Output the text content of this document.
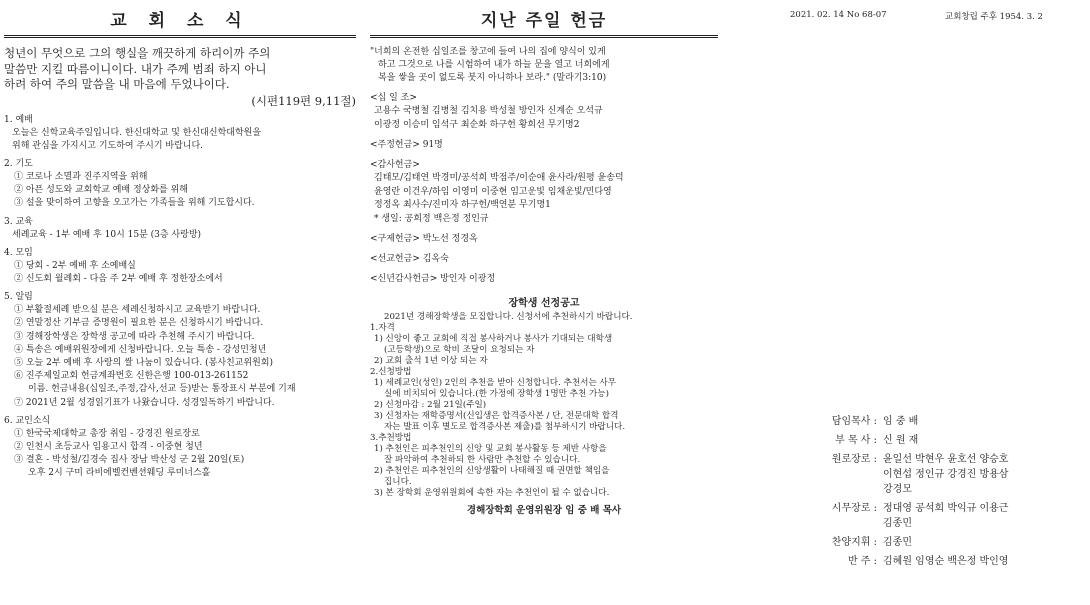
교 회 소 식
청년이 무엇으로 그의 행실을 깨끗하게 하리이까 주의
말씀만 지킬 따름이니이다. 내가 주께 범죄 하지 아니
하려 하여 주의 말씀을 내 마음에 두었나이다.
(시편119편 9,11절)
1. 예배
오늘은 신학교육주일입니다. 한신대학교 및 한신대신학대학원을
위해 관심을 가지시고 기도하여 주시기 바랍니다.
2. 기도
① 코로나 소멸과 진주지역을 위해
② 아픈 성도와 교회학교 예배 정상화를 위해
③ 설을 맞이하여 고향을 오고가는 가족들을 위해 기도합시다.
3. 교육
세례교육 - 1부 예배 후 10시 15분 (3층 사랑방)
4. 모임
① 당회 - 2부 예배 후 소예배실
② 신도회 월례회 - 다음 주 2부 예배 후 정한장소에서
5. 알림
① 부활절세례 받으실 분은 세례신청하시고 교육받기 바랍니다.
② 연말정산 기부금 증명원이 필요한 분은 신청하시기 바랍니다.
③ 경해장학생은 장학생 공고에 따라 추천해 주시기 바랍니다.
④ 특송은 예배위원장에게 신청바랍니다. 오늘 특송 - 강성민청년
⑤ 오늘 2부 예배 후 사랑의 쌀 나눔이 있습니다. (봉사친교위원회)
⑥ 진주제일교회 헌금계좌번호 신한은행 100-013-261152
이름. 헌금내용(십일조,주정,감사,선교 등)받는 통장표시 부분에 기재
⑦ 2021년 2월 성경읽기표가 나왔습니다. 성경일독하기 바랍니다.
6. 교인소식
① 한국국제대학교 총장 취임 - 강경진 원로장로
② 인천시 초등교사 임용고시 합격 - 이중현 청년
③ 결혼 - 박성철/김경숙 집사 장남 박산성 군 2월 20일(토)
오후 2시 구미 라비에벨컨벤션웨딩 루미너스홀
지난 주일 헌금
"너희의 온전한 십일조를 창고에 들여 나의 집에 양식이 있게
하고 그것으로 나를 시험하여 내가 하늘 문을 열고 너희에게
복을 쌓을 곳이 없도록 붓지 아니하나 보라." (말라기3:10)
<십 일 조>
고용수 국병철 김병철 김치용 박성철 방인자 신계순 오석규
이광정 이승미 임석구 최순화 하구헌 황희선 무기명2
<주정헌금> 91명
<감사헌금>
김태모/김태연 박경미/공석희 박점주/이순애 윤사라/원평 윤송덕
윤영란 이건우/하임 이영미 이중현 임고운빛 임채운빛/민다영
정정옥 최사수/진미자 하구헌/백연분 무기명1
* 생일: 공희정 백은정 정인규
<구제헌금> 박노선 정경옥
<선교헌금> 김옥숙
<신년감사헌금> 방인자 이광정
장학생 선정공고
2021년 경해장학생을 모집합니다. 신청서에 추천하시기 바랍니다.
1.자격
1) 신앙이 좋고 교회에 직접 봉사하거나 봉사가 기대되는 대학생
(고등학생)으로 학비 조달이 요청되는 자
2) 교회 출석 1년 이상 되는 자
2.신청방법
1) 세례교인(성인) 2인의 추천을 받아 신청합니다. 추천서는 사무
실에 비치되어 있습니다.(한 가정에 장학생 1명만 추천 가능)
2) 신청마감 : 2월 21일(주일)
3) 신청자는 재학증명서(신입생은 합격증사본 / 단, 전문대학 합격
자는 발표 이후 별도로 합격증사본 제출)를 첨부하시기 바랍니다.
3.추천방법
1) 추천인은 피추천인의 신앙 및 교회 봉사활동 등 제반 사항을
잘 파악하여 추천하되 한 사람만 추천할 수 있습니다.
2) 추천인은 피추천인의 신앙생활이 나태해질 때 권면할 책임을
집니다.
3) 본 장학회 운영위원회에 속한 자는 추천인이 될 수 없습니다.
경해장학회 운영위원장 임 중 배 목사
2021. 02. 14 No 68-07	교회창립 주후 1954. 3. 2
담임목사 : 임 중 배
부 목 사 : 신 원 재
원로장로 : 윤일선 박현우 윤호선 양승호
이현섭 정인규 강경진 방용삼
강경모
시무장로 : 정대영 공석희 박익규 이용근
김종민
찬양지휘 : 김종민
반 주 : 김혜원 임영순 백은정 박인영
